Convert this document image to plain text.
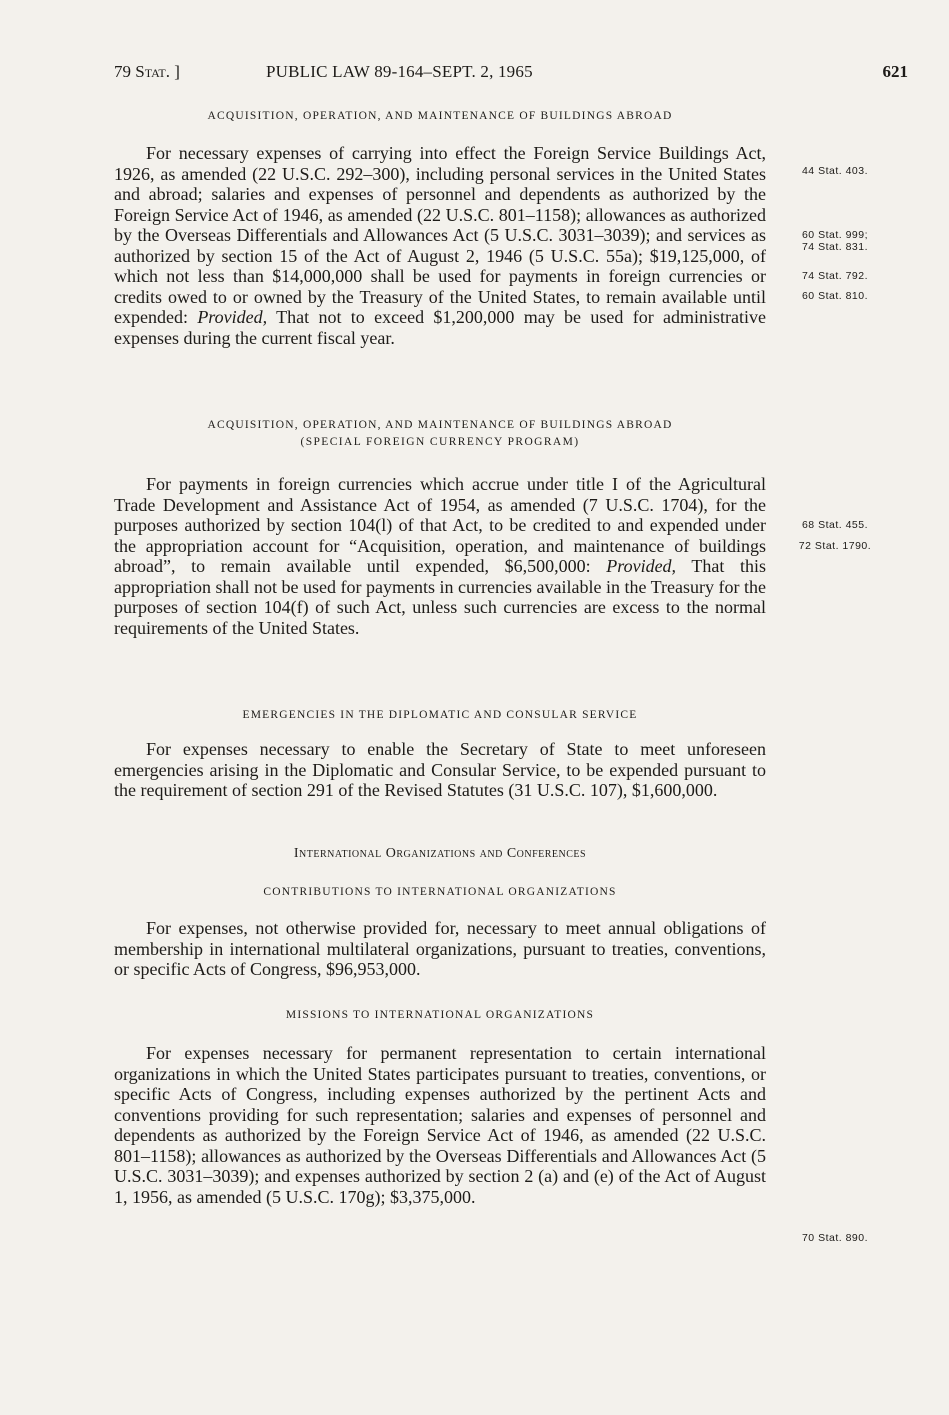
79 Stat. ]	PUBLIC LAW 89-164–SEPT. 2, 1965	621
ACQUISITION, OPERATION, AND MAINTENANCE OF BUILDINGS ABROAD
For necessary expenses of carrying into effect the Foreign Service Buildings Act, 1926, as amended (22 U.S.C. 292–300), including personal services in the United States and abroad; salaries and expenses of personnel and dependents as authorized by the Foreign Service Act of 1946, as amended (22 U.S.C. 801–1158); allowances as authorized by the Overseas Differentials and Allowances Act (5 U.S.C. 3031–3039); and services as authorized by section 15 of the Act of August 2, 1946 (5 U.S.C. 55a); $19,125,000, of which not less than $14,000,000 shall be used for payments in foreign currencies or credits owed to or owned by the Treasury of the United States, to remain available until expended: Provided, That not to exceed $1,200,000 may be used for administrative expenses during the current fiscal year.
ACQUISITION, OPERATION, AND MAINTENANCE OF BUILDINGS ABROAD
(SPECIAL FOREIGN CURRENCY PROGRAM)
For payments in foreign currencies which accrue under title I of the Agricultural Trade Development and Assistance Act of 1954, as amended (7 U.S.C. 1704), for the purposes authorized by section 104(l) of that Act, to be credited to and expended under the appropriation account for “Acquisition, operation, and maintenance of buildings abroad”, to remain available until expended, $6,500,000: Provided, That this appropriation shall not be used for payments in currencies available in the Treasury for the purposes of section 104(f) of such Act, unless such currencies are excess to the normal requirements of the United States.
EMERGENCIES IN THE DIPLOMATIC AND CONSULAR SERVICE
For expenses necessary to enable the Secretary of State to meet unforeseen emergencies arising in the Diplomatic and Consular Service, to be expended pursuant to the requirement of section 291 of the Revised Statutes (31 U.S.C. 107), $1,600,000.
International Organizations and Conferences
CONTRIBUTIONS TO INTERNATIONAL ORGANIZATIONS
For expenses, not otherwise provided for, necessary to meet annual obligations of membership in international multilateral organizations, pursuant to treaties, conventions, or specific Acts of Congress, $96,953,000.
MISSIONS TO INTERNATIONAL ORGANIZATIONS
For expenses necessary for permanent representation to certain international organizations in which the United States participates pursuant to treaties, conventions, or specific Acts of Congress, including expenses authorized by the pertinent Acts and conventions providing for such representation; salaries and expenses of personnel and dependents as authorized by the Foreign Service Act of 1946, as amended (22 U.S.C. 801–1158); allowances as authorized by the Overseas Differentials and Allowances Act (5 U.S.C. 3031–3039); and expenses authorized by section 2 (a) and (e) of the Act of August 1, 1956, as amended (5 U.S.C. 170g); $3,375,000.
44 Stat. 403.
60 Stat. 999;
74 Stat. 831.
74 Stat. 792.
60 Stat. 810.
68 Stat. 455.
72 Stat. 1790.
70 Stat. 890.
